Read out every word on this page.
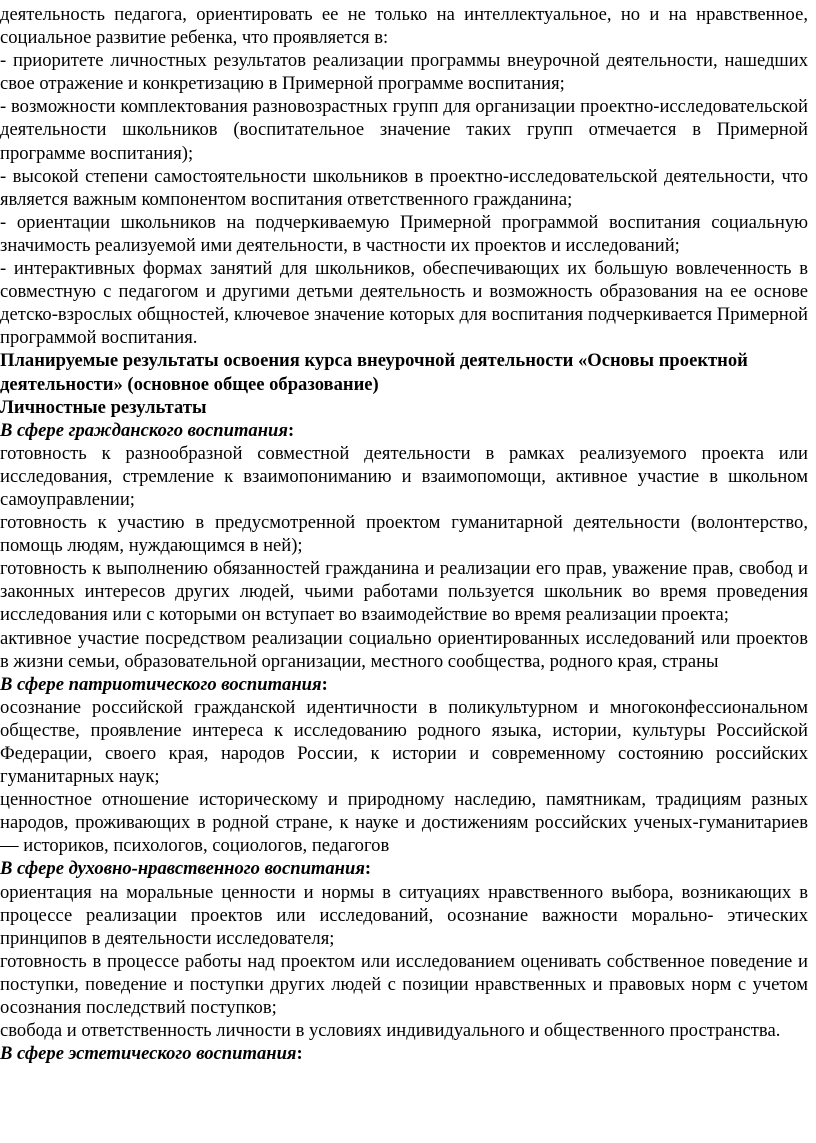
деятельность педагога, ориентировать ее не только на интеллектуальное, но и на нравственное, социальное развитие ребенка, что проявляется в:

- приоритете личностных результатов реализации программы внеурочной деятельности, нашедших свое отражение и конкретизацию в Примерной программе воспитания;

- возможности комплектования разновозрастных групп для организации проектно-исследовательской деятельности школьников (воспитательное значение таких групп отмечается в Примерной программе воспитания);

- высокой степени самостоятельности школьников в проектно-исследовательской деятельности, что является важным компонентом воспитания ответственного гражданина;

- ориентации школьников на подчеркиваемую Примерной программой воспитания социальную значимость реализуемой ими деятельности, в частности их проектов и исследований;

- интерактивных формах занятий для школьников, обеспечивающих их большую вовлеченность в совместную с педагогом и другими детьми деятельность и возможность образования на ее основе детско-взрослых общностей, ключевое значение которых для воспитания подчеркивается Примерной программой воспитания.

Планируемые результаты освоения курса внеурочной деятельности «Основы проектной деятельности» (основное общее образование)

Личностные результаты

В сфере гражданского воспитания:

готовность к разнообразной совместной деятельности в рамках реализуемого проекта или исследования, стремление к взаимопониманию и взаимопомощи, активное участие в школьном самоуправлении;

готовность к участию в предусмотренной проектом гуманитарной деятельности (волонтерство, помощь людям, нуждающимся в ней);

готовность к выполнению обязанностей гражданина и реализации его прав, уважение прав, свобод и законных интересов других людей, чьими работами пользуется школьник во время проведения исследования или с которыми он вступает во взаимодействие во время реализации проекта;

активное участие посредством реализации социально ориентированных исследований или проектов в жизни семьи, образовательной организации, местного сообщества, родного края, страны

В сфере патриотического воспитания:

осознание российской гражданской идентичности в поликультурном и многоконфессиональном обществе, проявление интереса к исследованию родного языка, истории, культуры Российской Федерации, своего края, народов России, к истории и современному состоянию российских гуманитарных наук;

ценностное отношение историческому и природному наследию, памятникам, традициям разных народов, проживающих в родной стране, к науке и достижениям российских ученых-гуманитариев — историков, психологов, социологов, педагогов

В сфере духовно-нравственного воспитания:

ориентация на моральные ценности и нормы в ситуациях нравственного выбора, возникающих в процессе реализации проектов или исследований, осознание важности морально- этических принципов в деятельности исследователя;

готовность в процессе работы над проектом или исследованием оценивать собственное поведение и поступки, поведение и поступки других людей с позиции нравственных и правовых норм с учетом осознания последствий поступков;

свобода и ответственность личности в условиях индивидуального и общественного пространства.

В сфере эстетического воспитания:
